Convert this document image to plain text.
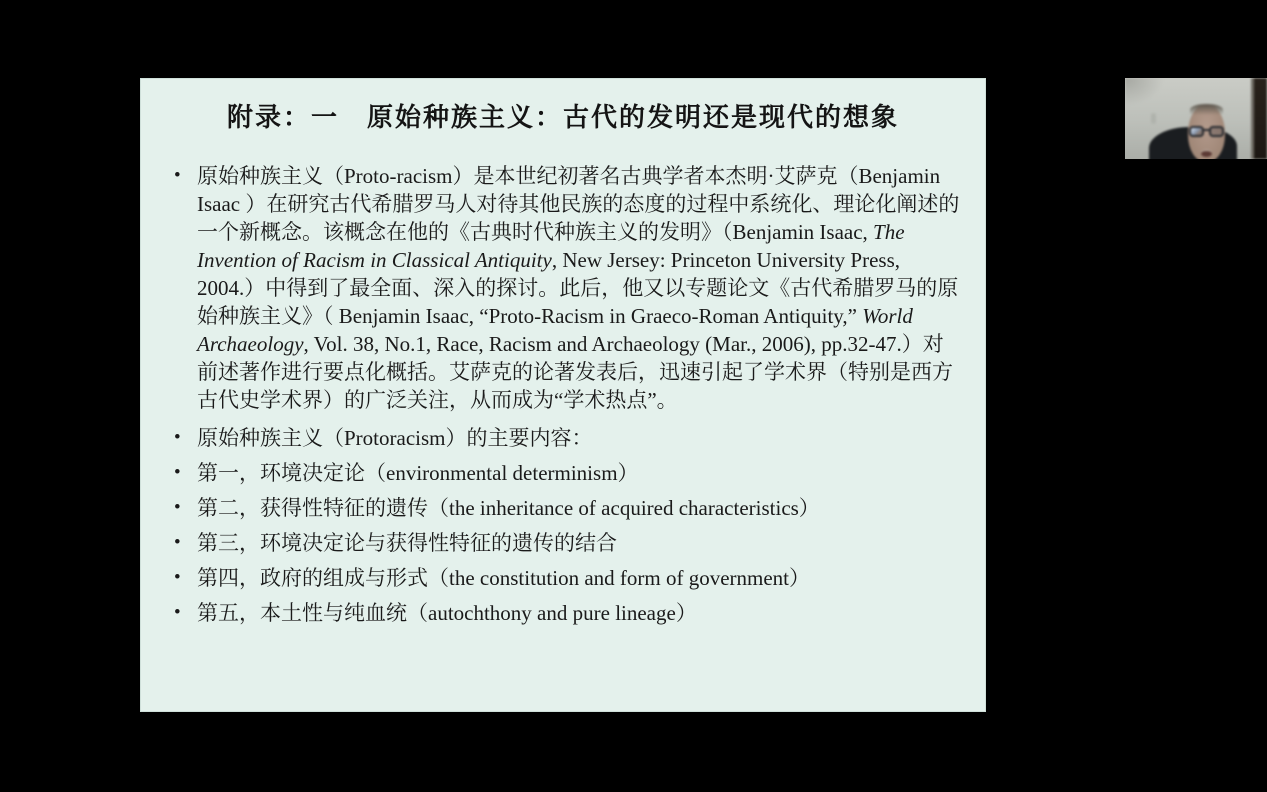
附录：一　原始种族主义：古代的发明还是现代的想象
• 原始种族主义（Proto-racism）是本世纪初著名古典学者本杰明·艾萨克（Benjamin Isaac ）在研究古代希腊罗马人对待其他民族的态度的过程中系统化、理论化阐述的一个新概念。该概念在他的《古典时代种族主义的发明》（Benjamin Isaac, The Invention of Racism in Classical Antiquity, New Jersey: Princeton University Press, 2004.）中得到了最全面、深入的探讨。此后，他又以专题论文《古代希腊罗马的原始种族主义》（ Benjamin Isaac, “Proto-Racism in Graeco-Roman Antiquity,” World Archaeology, Vol. 38, No.1, Race, Racism and Archaeology (Mar., 2006), pp.32-47.）对前述著作进行要点化概括。艾萨克的论著发表后，迅速引起了学术界（特别是西方古代史学术界）的广泛关注，从而成为“学术热点”。
• 原始种族主义（Protoracism）的主要内容：
• 第一，环境决定论（environmental determinism）
• 第二，获得性特征的遗传（the inheritance of acquired characteristics）
• 第三，环境决定论与获得性特征的遗传的结合
• 第四，政府的组成与形式（the constitution and form of government）
• 第五，本土性与纯血统（autochthony and pure lineage）
